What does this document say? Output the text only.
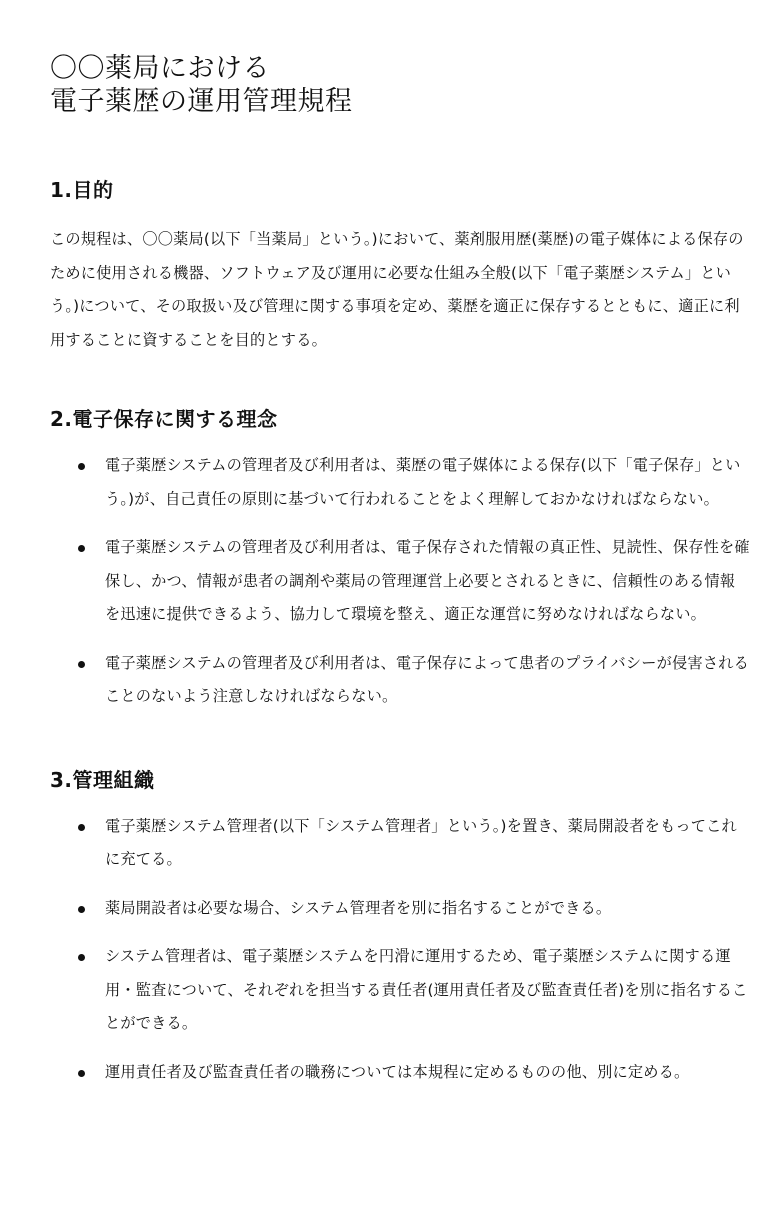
〇〇薬局における
電子薬歴の運用管理規程
1.目的

この規程は、〇〇薬局(以下「当薬局」という。)において、薬剤服用歴(薬歴)の電子媒体による保存のために使用される機器、ソフトウェア及び運用に必要な仕組み全般(以下「電子薬歴システム」という。)について、その取扱い及び管理に関する事項を定め、薬歴を適正に保存するとともに、適正に利用することに資することを目的とする。

2.電子保存に関する理念
電子薬歴システムの管理者及び利用者は、薬歴の電子媒体による保存(以下「電子保存」という。)が、自己責任の原則に基づいて行われることをよく理解しておかなければならない。
電子薬歴システムの管理者及び利用者は、電子保存された情報の真正性、見読性、保存性を確保し、かつ、情報が患者の調剤や薬局の管理運営上必要とされるときに、信頼性のある情報を迅速に提供できるよう、協力して環境を整え、適正な運営に努めなければならない。
電子薬歴システムの管理者及び利用者は、電子保存によって患者のプライバシーが侵害されることのないよう注意しなければならない。
3.管理組織
電子薬歴システム管理者(以下「システム管理者」という。)を置き、薬局開設者をもってこれに充てる。
薬局開設者は必要な場合、システム管理者を別に指名することができる。
システム管理者は、電子薬歴システムを円滑に運用するため、電子薬歴システムに関する運用・監査について、それぞれを担当する責任者(運用責任者及び監査責任者)を別に指名することができる。
運用責任者及び監査責任者の職務については本規程に定めるものの他、別に定める。
